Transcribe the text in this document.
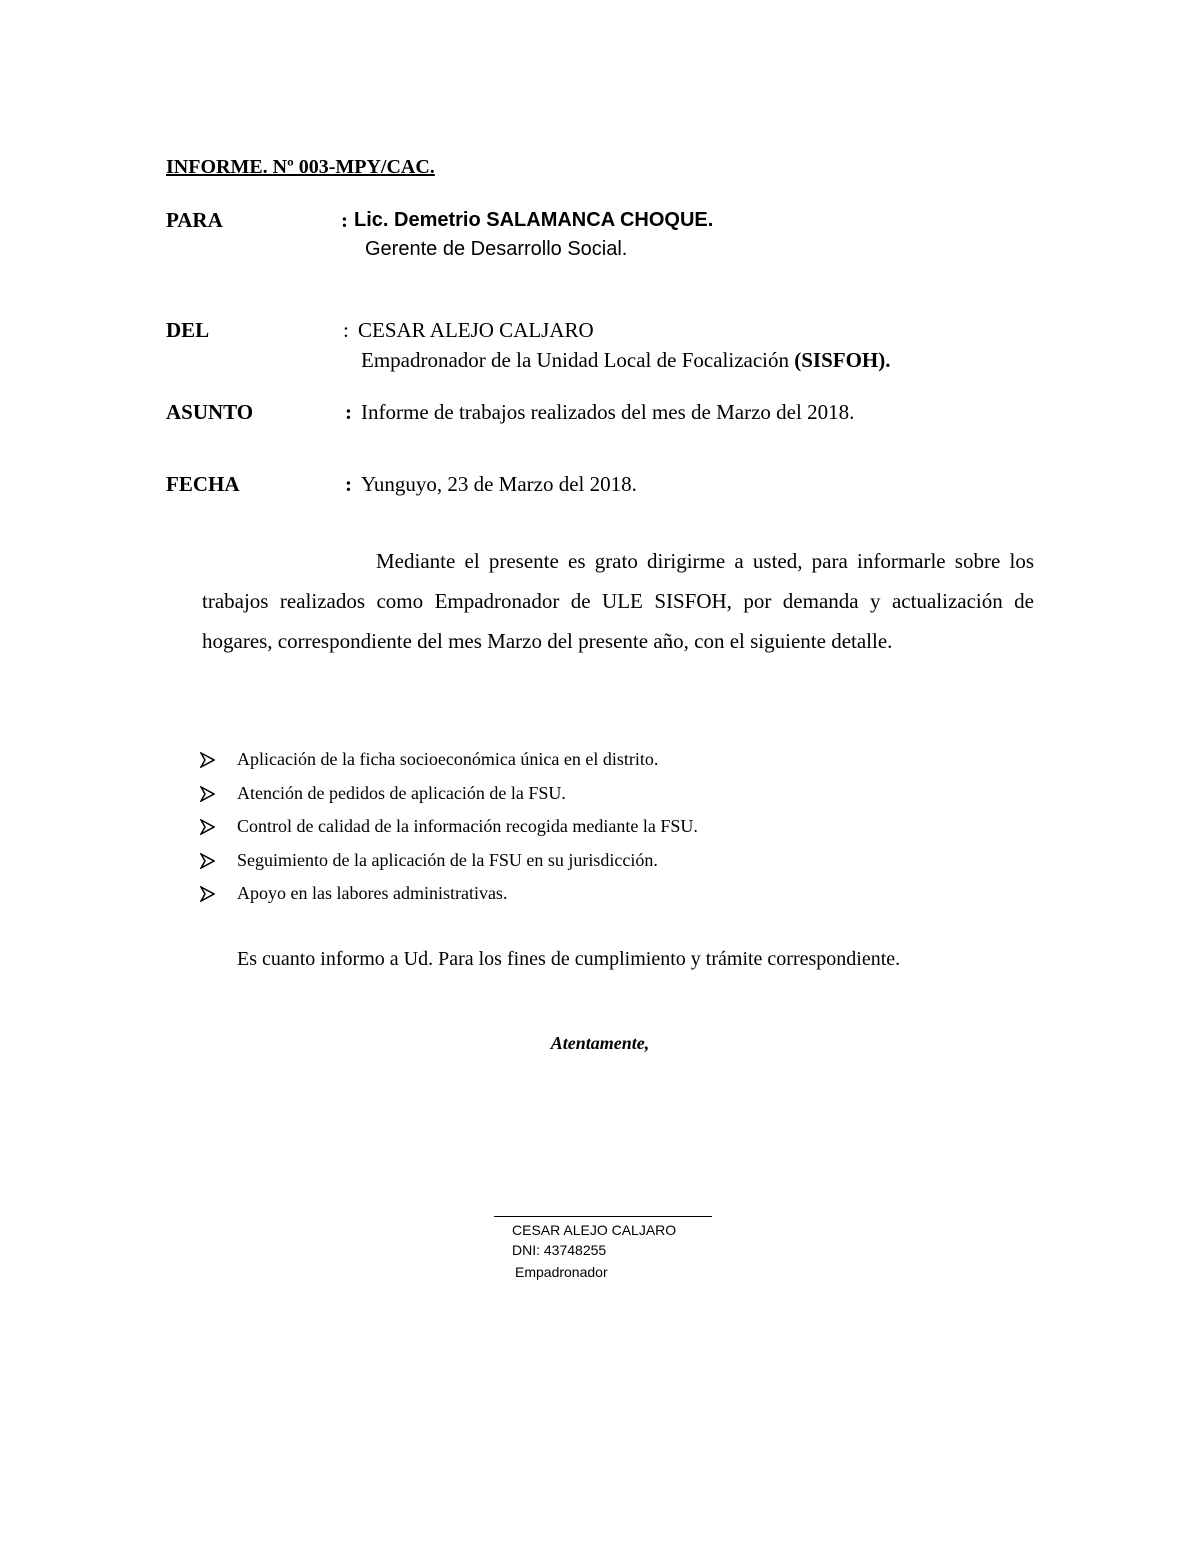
INFORME. Nº 003-MPY/CAC.
PARA	: Lic. Demetrio SALAMANCA CHOQUE.
Gerente de Desarrollo Social.
DEL	: CESAR ALEJO CALJARO
Empadronador de la Unidad Local de Focalización (SISFOH).
ASUNTO	: Informe de trabajos realizados del mes de Marzo del 2018.
FECHA	: Yunguyo, 23 de Marzo del 2018.
Mediante el presente es grato dirigirme a usted, para informarle sobre los trabajos realizados como Empadronador de ULE SISFOH, por demanda y actualización de hogares, correspondiente del mes Marzo del presente año, con el siguiente detalle.
Aplicación de la ficha socioeconómica única en el distrito.
Atención de pedidos de aplicación de la FSU.
Control de calidad de la información recogida mediante la FSU.
Seguimiento de la aplicación de la FSU en su jurisdicción.
Apoyo en las labores administrativas.
Es cuanto informo a Ud. Para los fines de cumplimiento y trámite correspondiente.
Atentamente,
CESAR ALEJO CALJARO
DNI: 43748255
Empadronador
